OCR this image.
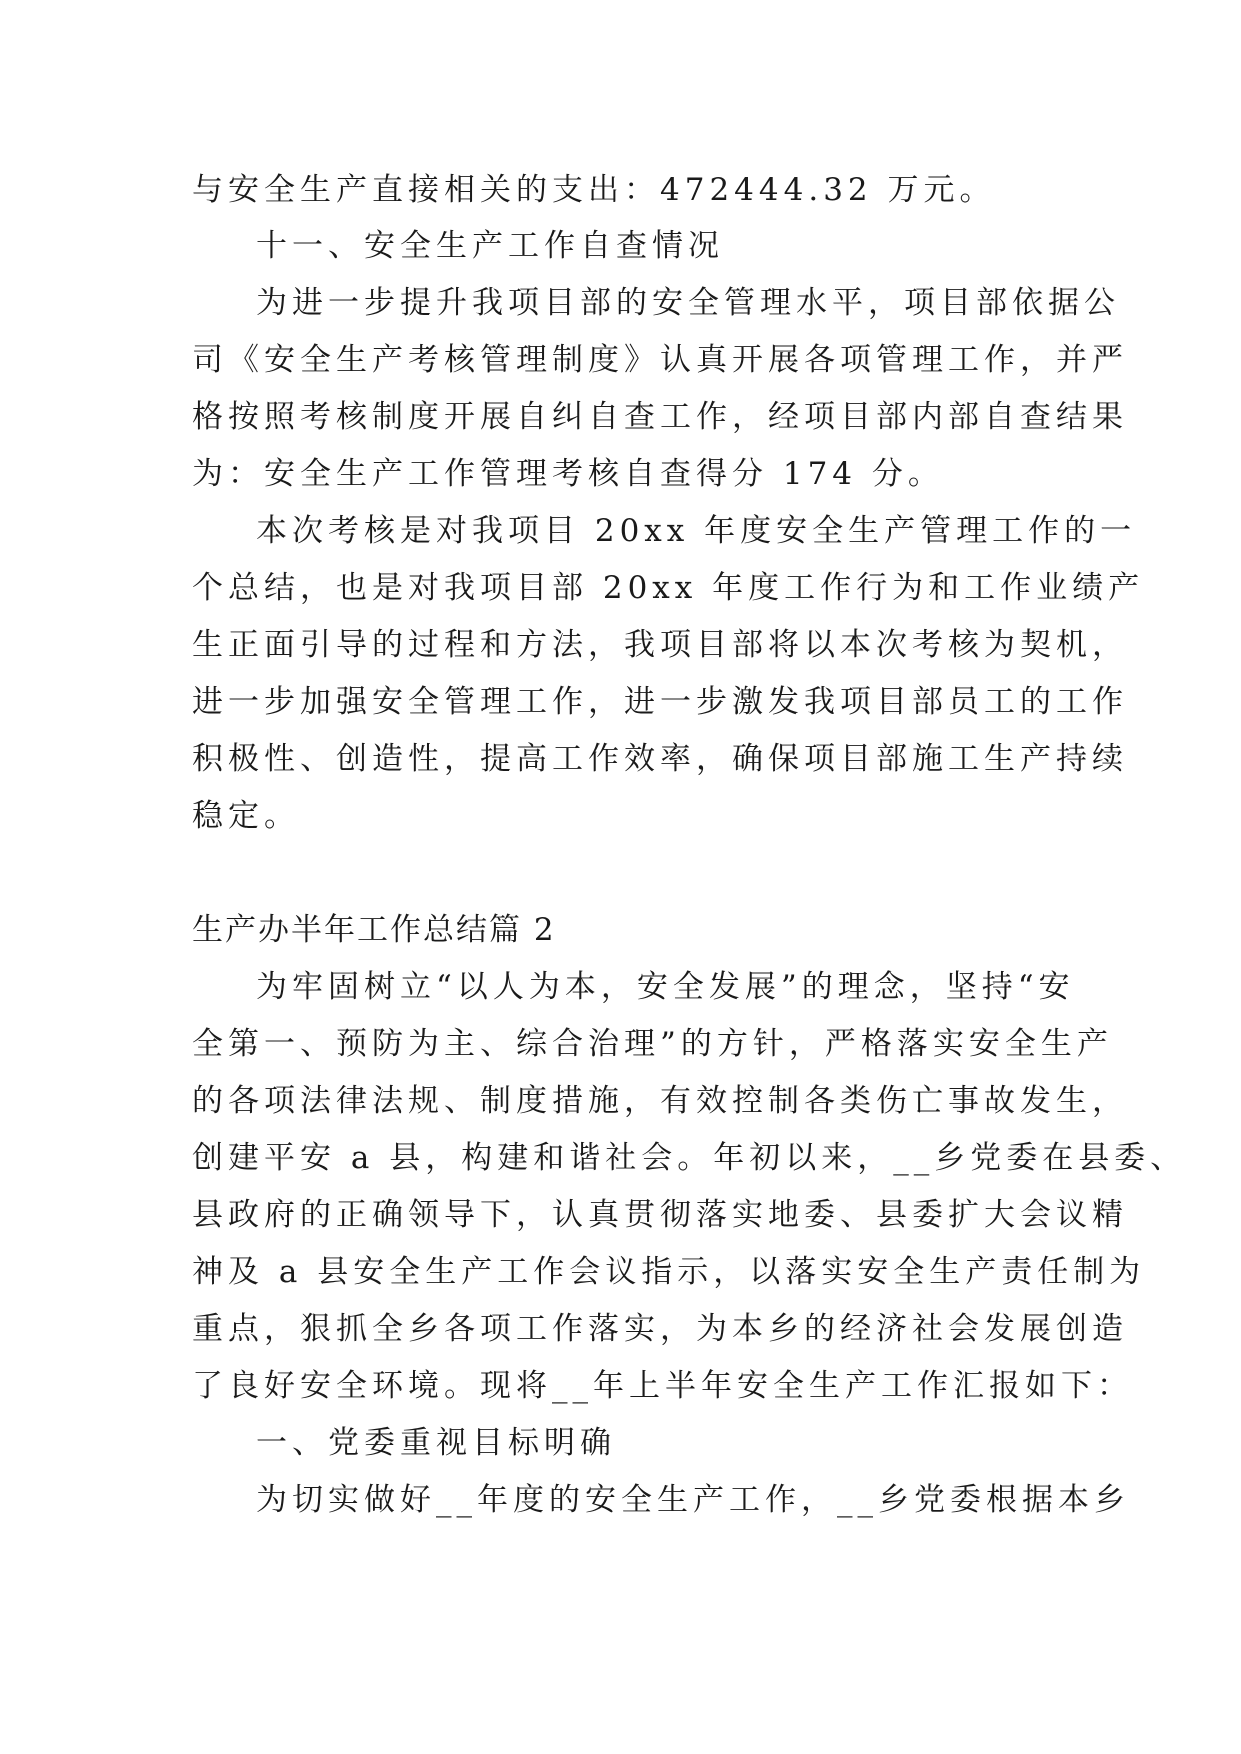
与安全生产直接相关的支出：472444.32 万元。
十一、安全生产工作自查情况
为进一步提升我项目部的安全管理水平，项目部依据公
司《安全生产考核管理制度》认真开展各项管理工作，并严
格按照考核制度开展自纠自查工作，经项目部内部自查结果
为：安全生产工作管理考核自查得分 174 分。
本次考核是对我项目 20xx 年度安全生产管理工作的一
个总结，也是对我项目部 20xx 年度工作行为和工作业绩产
生正面引导的过程和方法，我项目部将以本次考核为契机，
进一步加强安全管理工作，进一步激发我项目部员工的工作
积极性、创造性，提高工作效率，确保项目部施工生产持续
稳定。
生产办半年工作总结篇 2
为牢固树立“以人为本，安全发展”的理念，坚持“安
全第一、预防为主、综合治理”的方针，严格落实安全生产
的各项法律法规、制度措施，有效控制各类伤亡事故发生，
创建平安 a 县，构建和谐社会。年初以来，__乡党委在县委、
县政府的正确领导下，认真贯彻落实地委、县委扩大会议精
神及 a 县安全生产工作会议指示，以落实安全生产责任制为
重点，狠抓全乡各项工作落实，为本乡的经济社会发展创造
了良好安全环境。现将__年上半年安全生产工作汇报如下：
一、党委重视目标明确
为切实做好__年度的安全生产工作，__乡党委根据本乡
